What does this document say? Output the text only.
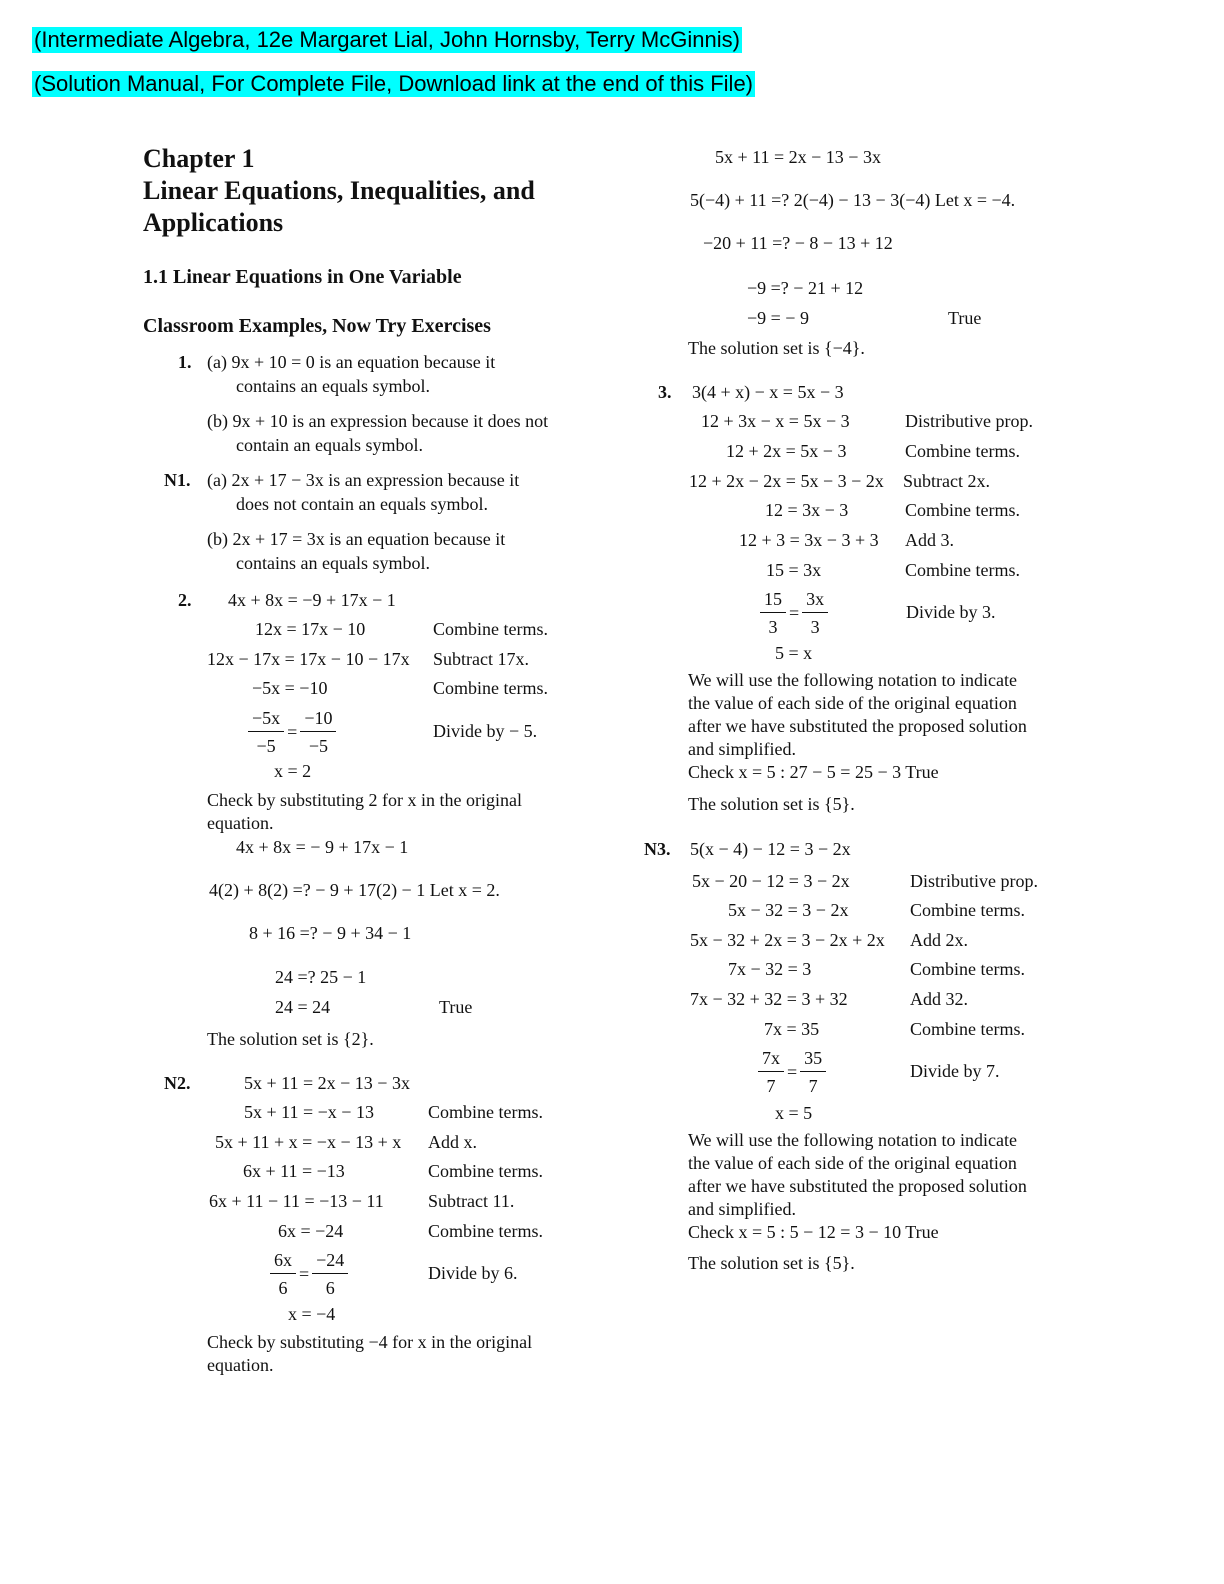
(Intermediate Algebra, 12e Margaret Lial, John Hornsby, Terry McGinnis)
(Solution Manual, For Complete File, Download link at the end of this File)
Chapter 1
Linear Equations, Inequalities, and
Applications
1.1 Linear Equations in One Variable
Classroom Examples, Now Try Exercises
1. (a) 9x + 10 = 0 is an equation because it
contains an equals symbol.
(b) 9x + 10 is an expression because it does not
contain an equals symbol.
N1. (a) 2x + 17 − 3x is an expression because it
does not contain an equals symbol.
(b) 2x + 17 = 3x is an equation because it
contains an equals symbol.
2. 4x + 8x = −9 + 17x − 1
12x = 17x − 10	Combine terms.
12x − 17x = 17x − 10 − 17x Subtract 17x.
−5x = −10	Combine terms.
$\frac{-5x}{-5} = \frac{-10}{-5}$	Divide by − 5.
x = 2
Check by substituting 2 for x in the original
equation.
4x + 8x = − 9 + 17x − 1
4(2) + 8(2) =? − 9 + 17(2) − 1 Let x = 2.
8 + 16 =? − 9 + 34 − 1
24 =? 25 − 1
24 = 24	True
The solution set is {2}.
N2.	5x + 11 = 2x − 13 − 3x
5x + 11 = −x − 13	Combine terms.
5x + 11 + x = −x − 13 + x Add x.
6x + 11 = −13	Combine terms.
6x + 11 − 11 = −13 − 11 Subtract 11.
6x = −24	Combine terms.
$\frac{6x}{6} = \frac{-24}{6}$	Divide by 6.
x = −4
Check by substituting −4 for x in the original
equation.
5x + 11 = 2x − 13 − 3x
5(−4) + 11 =? 2(−4) − 13 − 3(−4) Let x = −4.
−20 + 11 =? − 8 − 13 + 12
−9 =? − 21 + 12
−9 = − 9	True
The solution set is {−4}.
3. 3(4 + x) − x = 5x − 3
12 + 3x − x = 5x − 3	Distributive prop.
12 + 2x = 5x − 3	Combine terms.
12 + 2x − 2x = 5x − 3 − 2x Subtract 2x.
12 = 3x − 3	Combine terms.
12 + 3 = 3x − 3 + 3 Add 3.
15 = 3x	Combine terms.
$\frac{15}{3} = \frac{3x}{3}$	Divide by 3.
5 = x
We will use the following notation to indicate
the value of each side of the original equation
after we have substituted the proposed solution
and simplified.
Check x = 5 : 27 − 5 = 25 − 3 True
The solution set is {5}.
N3. 5(x − 4) − 12 = 3 − 2x
5x − 20 − 12 = 3 − 2x	Distributive prop.
5x − 32 = 3 − 2x	Combine terms.
5x − 32 + 2x = 3 − 2x + 2x Add 2x.
7x − 32 = 3	Combine terms.
7x − 32 + 32 = 3 + 32	Add 32.
7x = 35	Combine terms.
$\frac{7x}{7} = \frac{35}{7}$	Divide by 7.
x = 5
We will use the following notation to indicate
the value of each side of the original equation
after we have substituted the proposed solution
and simplified.
Check x = 5 : 5 − 12 = 3 − 10 True
The solution set is {5}.
